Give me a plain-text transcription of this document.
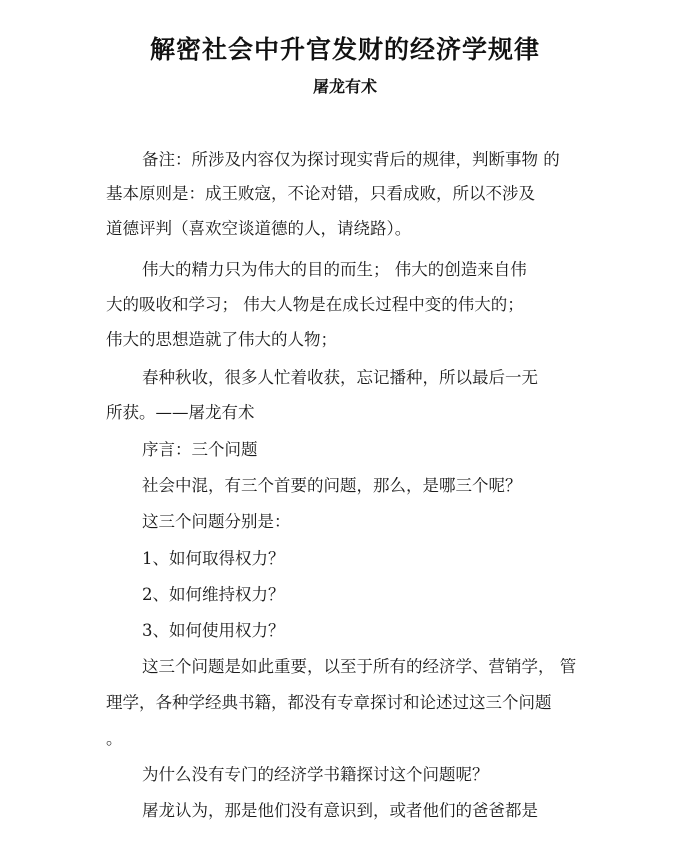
解密社会中升官发财的经济学规律
屠龙有术
备注：所涉及内容仅为探讨现实背后的规律，判断事物 的
基本原则是：成王败寇，不论对错，只看成败，所以不涉及
道德评判（喜欢空谈道德的人，请绕路）。
伟大的精力只为伟大的目的而生； 伟大的创造来自伟
大的吸收和学习； 伟大人物是在成长过程中变的伟大的；
伟大的思想造就了伟大的人物；
春种秋收，很多人忙着收获，忘记播种，所以最后一无
所获。——屠龙有术
序言：三个问题
社会中混，有三个首要的问题，那么，是哪三个呢？
这三个问题分别是：
1、如何取得权力？
2、如何维持权力？
3、如何使用权力？
这三个问题是如此重要，以至于所有的经济学、营销学， 管
理学，各种学经典书籍，都没有专章探讨和论述过这三个问题
。
为什么没有专门的经济学书籍探讨这个问题呢？
屠龙认为，那是他们没有意识到，或者他们的爸爸都是
